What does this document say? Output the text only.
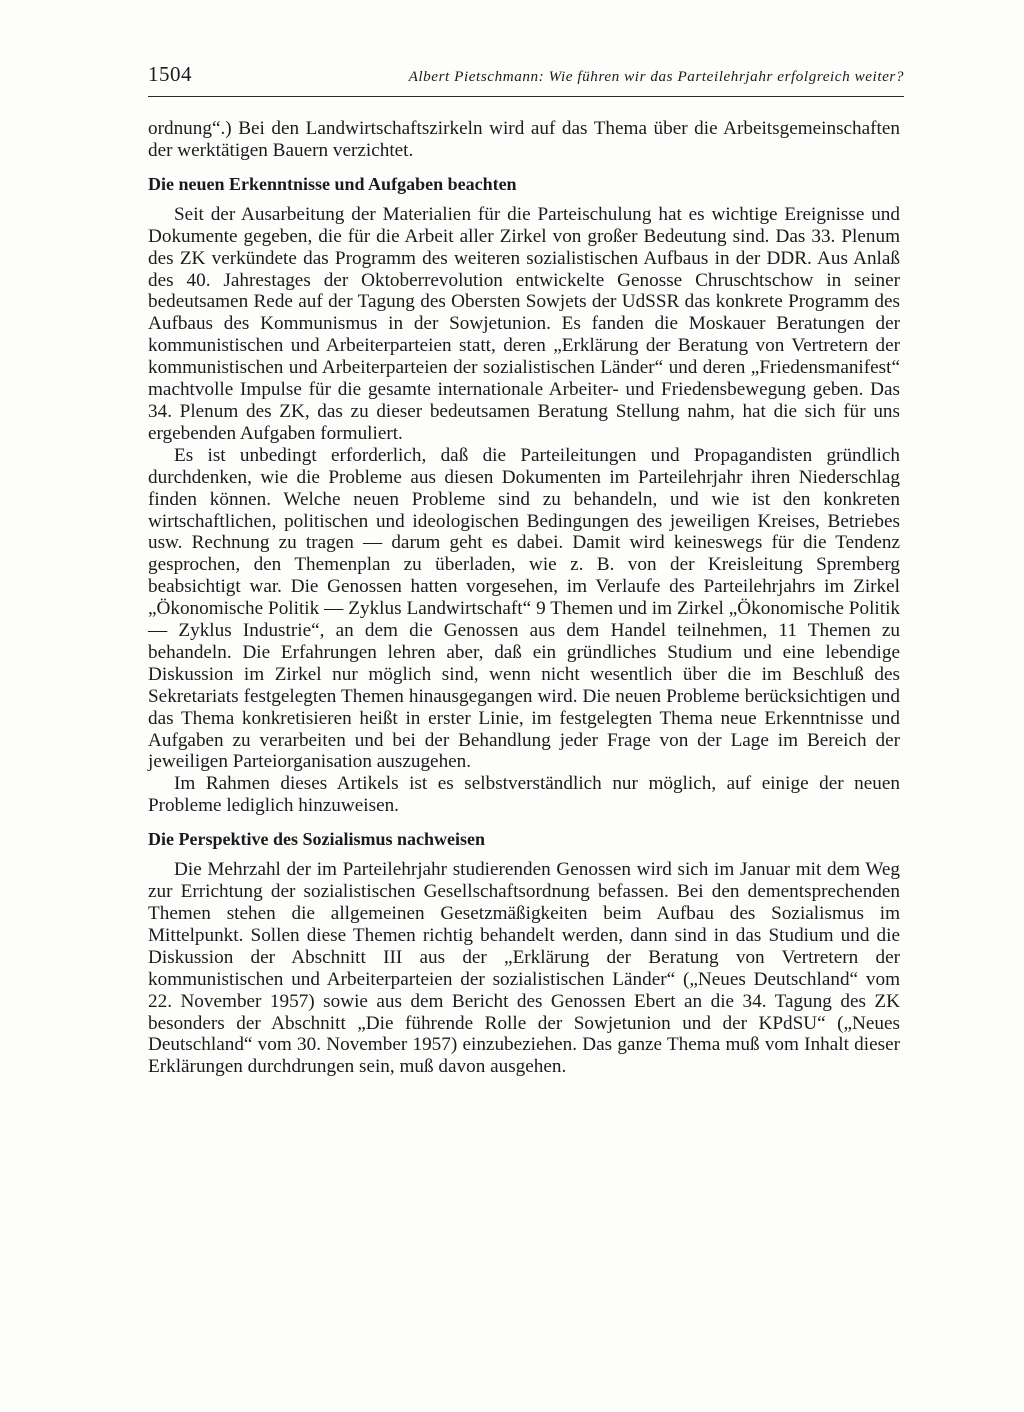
1504	Albert Pietschmann: Wie führen wir das Parteilehrjahr erfolgreich weiter?

ordnung“.) Bei den Landwirtschaftszirkeln wird auf das Thema über die Arbeitsgemeinschaften der werktätigen Bauern verzichtet.

Die neuen Erkenntnisse und Aufgaben beachten

Seit der Ausarbeitung der Materialien für die Parteischulung hat es wichtige Ereignisse und Dokumente gegeben, die für die Arbeit aller Zirkel von großer Bedeutung sind. Das 33. Plenum des ZK verkündete das Programm des weiteren sozialistischen Aufbaus in der DDR. Aus Anlaß des 40. Jahrestages der Oktoberrevolution entwickelte Genosse Chruschtschow in seiner bedeutsamen Rede auf der Tagung des Obersten Sowjets der UdSSR das konkrete Programm des Aufbaus des Kommunismus in der Sowjetunion. Es fanden die Moskauer Beratungen der kommunistischen und Arbeiterparteien statt, deren „Erklärung der Beratung von Vertretern der kommunistischen und Arbeiterparteien der sozialistischen Länder“ und deren „Friedensmanifest“ machtvolle Impulse für die gesamte internationale Arbeiter- und Friedensbewegung geben. Das 34. Plenum des ZK, das zu dieser bedeutsamen Beratung Stellung nahm, hat die sich für uns ergebenden Aufgaben formuliert.

Es ist unbedingt erforderlich, daß die Parteileitungen und Propagandisten gründlich durchdenken, wie die Probleme aus diesen Dokumenten im Parteilehrjahr ihren Niederschlag finden können. Welche neuen Probleme sind zu behandeln, und wie ist den konkreten wirtschaftlichen, politischen und ideologischen Bedingungen des jeweiligen Kreises, Betriebes usw. Rechnung zu tragen — darum geht es dabei. Damit wird keineswegs für die Tendenz gesprochen, den Themenplan zu überladen, wie z. B. von der Kreisleitung Spremberg beabsichtigt war. Die Genossen hatten vorgesehen, im Verlaufe des Parteilehrjahrs im Zirkel „Ökonomische Politik — Zyklus Landwirtschaft“ 9 Themen und im Zirkel „Ökonomische Politik — Zyklus Industrie“, an dem die Genossen aus dem Handel teilnehmen, 11 Themen zu behandeln. Die Erfahrungen lehren aber, daß ein gründliches Studium und eine lebendige Diskussion im Zirkel nur möglich sind, wenn nicht wesentlich über die im Beschluß des Sekretariats festgelegten Themen hinausgegangen wird. Die neuen Probleme berücksichtigen und das Thema konkretisieren heißt in erster Linie, im festgelegten Thema neue Erkenntnisse und Aufgaben zu verarbeiten und bei der Behandlung jeder Frage von der Lage im Bereich der jeweiligen Parteiorganisation auszugehen.

Im Rahmen dieses Artikels ist es selbstverständlich nur möglich, auf einige der neuen Probleme lediglich hinzuweisen.

Die Perspektive des Sozialismus nachweisen

Die Mehrzahl der im Parteilehrjahr studierenden Genossen wird sich im Januar mit dem Weg zur Errichtung der sozialistischen Gesellschaftsordnung befassen. Bei den dementsprechenden Themen stehen die allgemeinen Gesetzmäßigkeiten beim Aufbau des Sozialismus im Mittelpunkt. Sollen diese Themen richtig behandelt werden, dann sind in das Studium und die Diskussion der Abschnitt III aus der „Erklärung der Beratung von Vertretern der kommunistischen und Arbeiterparteien der sozialistischen Länder“ („Neues Deutschland“ vom 22. November 1957) sowie aus dem Bericht des Genossen Ebert an die 34. Tagung des ZK besonders der Abschnitt „Die führende Rolle der Sowjetunion und der KPdSU“ („Neues Deutschland“ vom 30. November 1957) einzubeziehen. Das ganze Thema muß vom Inhalt dieser Erklärungen durchdrungen sein, muß davon ausgehen.
